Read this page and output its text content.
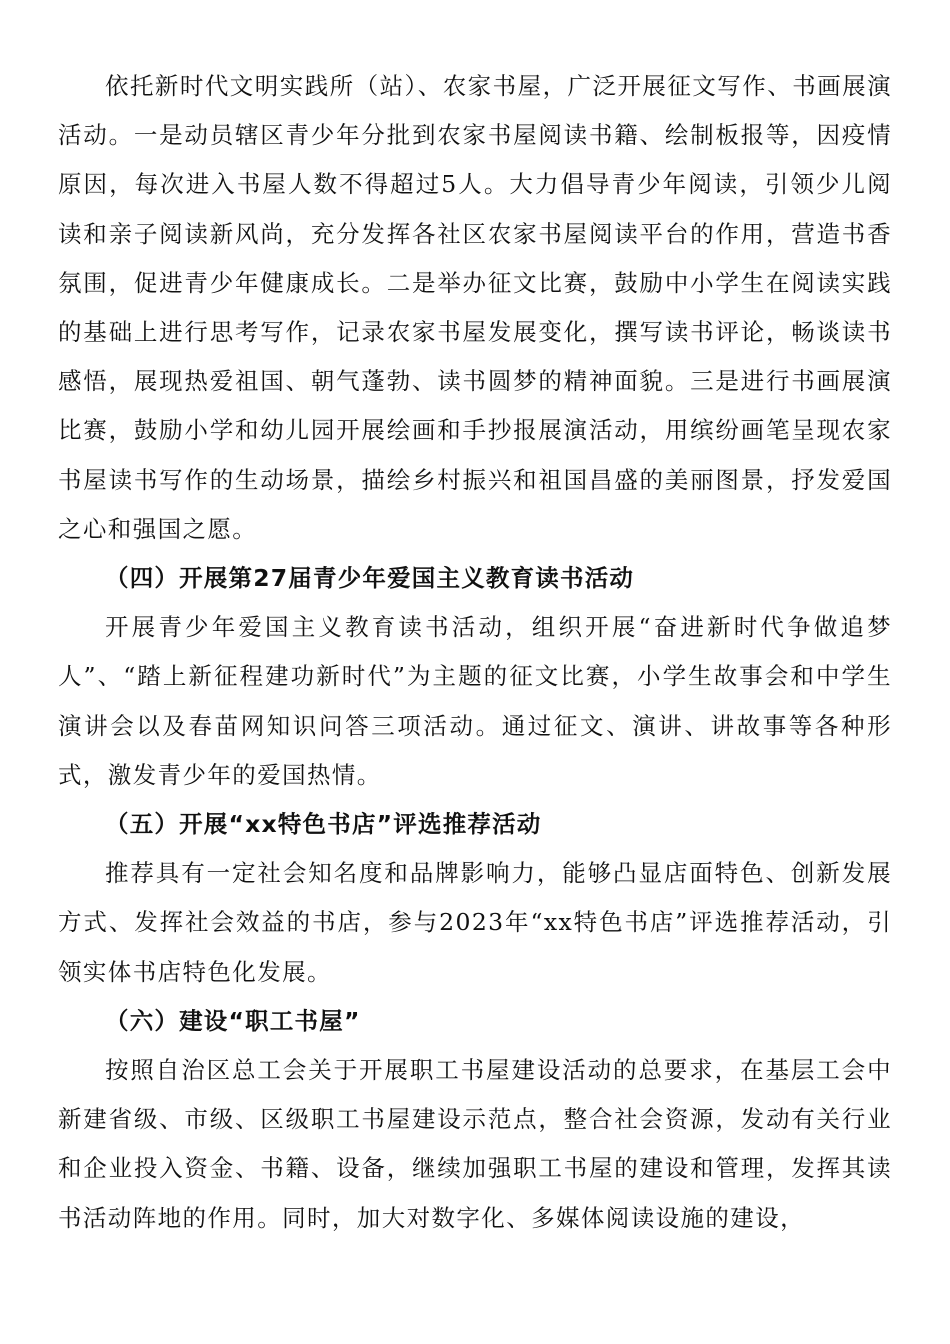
依托新时代文明实践所（站）、农家书屋，广泛开展征文写作、书画展演活动。一是动员辖区青少年分批到农家书屋阅读书籍、绘制板报等，因疫情原因，每次进入书屋人数不得超过5人。大力倡导青少年阅读，引领少儿阅读和亲子阅读新风尚，充分发挥各社区农家书屋阅读平台的作用，营造书香氛围，促进青少年健康成长。二是举办征文比赛，鼓励中小学生在阅读实践的基础上进行思考写作，记录农家书屋发展变化，撰写读书评论，畅谈读书感悟，展现热爱祖国、朝气蓬勃、读书圆梦的精神面貌。三是进行书画展演比赛，鼓励小学和幼儿园开展绘画和手抄报展演活动，用缤纷画笔呈现农家书屋读书写作的生动场景，描绘乡村振兴和祖国昌盛的美丽图景，抒发爱国之心和强国之愿。

（四）开展第27届青少年爱国主义教育读书活动

开展青少年爱国主义教育读书活动，组织开展“奋进新时代争做追梦人”、“踏上新征程建功新时代”为主题的征文比赛，小学生故事会和中学生演讲会以及春苗网知识问答三项活动。通过征文、演讲、讲故事等各种形式，激发青少年的爱国热情。

（五）开展“xx特色书店”评选推荐活动

推荐具有一定社会知名度和品牌影响力，能够凸显店面特色、创新发展方式、发挥社会效益的书店，参与2023年“xx特色书店”评选推荐活动，引领实体书店特色化发展。

（六）建设“职工书屋”

按照自治区总工会关于开展职工书屋建设活动的总要求，在基层工会中新建省级、市级、区级职工书屋建设示范点，整合社会资源，发动有关行业和企业投入资金、书籍、设备，继续加强职工书屋的建设和管理，发挥其读书活动阵地的作用。同时，加大对数字化、多媒体阅读设施的建设，
